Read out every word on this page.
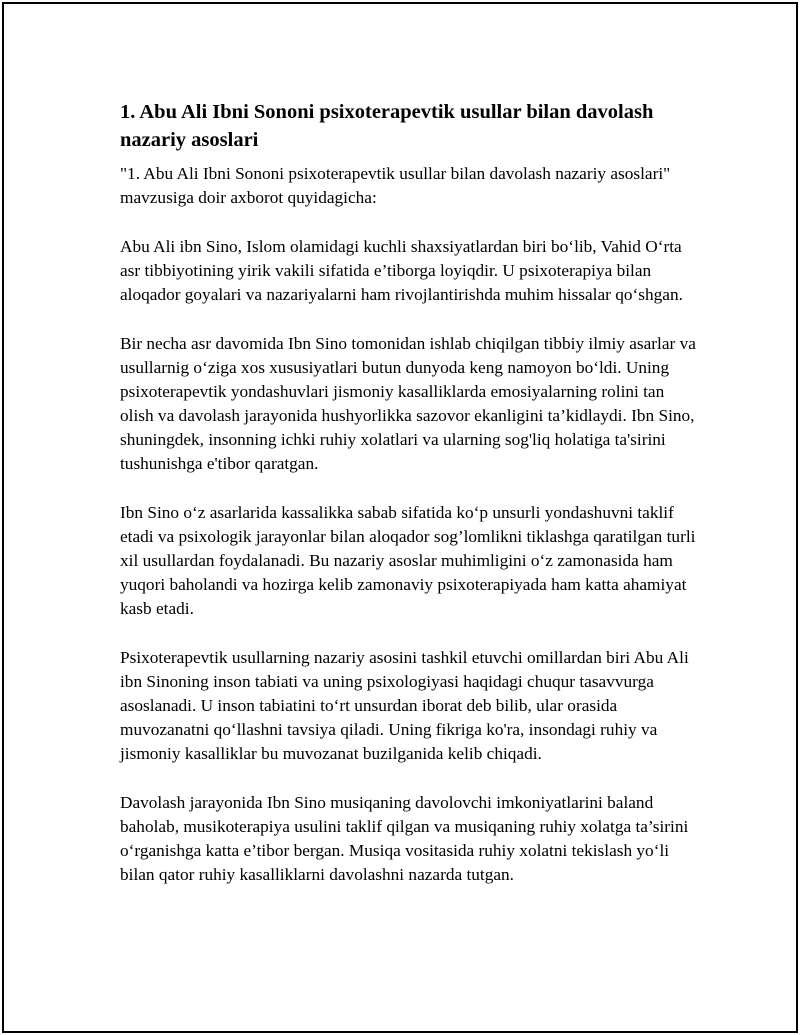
1. Abu Ali Ibni Sononi psixoterapevtik usullar bilan davolash nazariy asoslari

"1. Abu Ali Ibni Sononi psixoterapevtik usullar bilan davolash nazariy asoslari" mavzusiga doir axborot quyidagicha:

Abu Ali ibn Sino, Islom olamidagi kuchli shaxsiyatlardan biri bo‘lib, Vahid O‘rta asr tibbiyotining yirik vakili sifatida e’tiborga loyiqdir. U psixoterapiya bilan aloqador goyalari va nazariyalarni ham rivojlantirishda muhim hissalar qo‘shgan.

Bir necha asr davomida Ibn Sino tomonidan ishlab chiqilgan tibbiy ilmiy asarlar va usullarnig o‘ziga xos xususiyatlari butun dunyoda keng namoyon bo‘ldi. Uning psixoterapevtik yondashuvlari jismoniy kasalliklarda emosiyalarning rolini tan olish va davolash jarayonida hushyorlikka sazovor ekanligini ta’kidlaydi. Ibn Sino, shuningdek, insonning ichki ruhiy xolatlari va ularning sog'liq holatiga ta'sirini tushunishga e'tibor qaratgan.

Ibn Sino o‘z asarlarida kassalikka sabab sifatida ko‘p unsurli yondashuvni taklif etadi va psixologik jarayonlar bilan aloqador sog’lomlikni tiklashga qaratilgan turli xil usullardan foydalanadi. Bu nazariy asoslar muhimligini o‘z zamonasida ham yuqori baholandi va hozirga kelib zamonaviy psixoterapiyada ham katta ahamiyat kasb etadi.

Psixoterapevtik usullarning nazariy asosini tashkil etuvchi omillardan biri Abu Ali ibn Sinoning inson tabiati va uning psixologiyasi haqidagi chuqur tasavvurga asoslanadi. U inson tabiatini to‘rt unsurdan iborat deb bilib, ular orasida muvozanatni qo‘llashni tavsiya qiladi. Uning fikriga ko'ra, insondagi ruhiy va jismoniy kasalliklar bu muvozanat buzilganida kelib chiqadi.

Davolash jarayonida Ibn Sino musiqaning davolovchi imkoniyatlarini baland baholab, musikoterapiya usulini taklif qilgan va musiqaning ruhiy xolatga ta’sirini o‘rganishga katta e’tibor bergan. Musiqa vositasida ruhiy xolatni tekislash yo‘li bilan qator ruhiy kasalliklarni davolashni nazarda tutgan.
